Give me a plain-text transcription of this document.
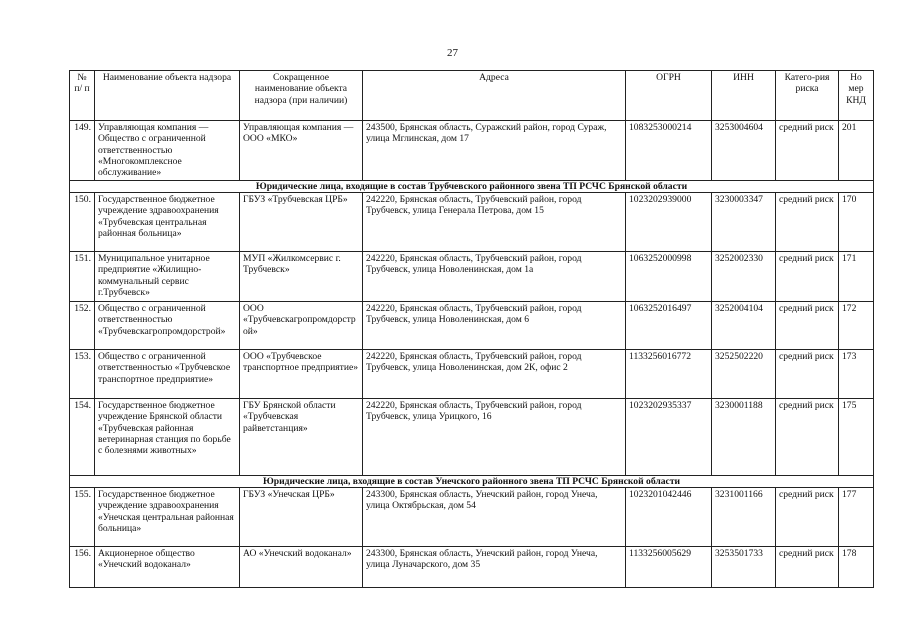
27
№ п/ п	Наименование объекта надзора	Сокращенное наименование объекта надзора (при наличии)	Адреса	ОГРН	ИНН	Катего-рия риска	Но мер КНД
149.	Управляющая компания — Общество с ограниченной ответственностью «Многокомплексное обслуживание»	Управляющая компания — ООО «МКО»	243500, Брянская область, Суражский район, город Сураж, улица Мглинская, дом 17	1083253000214	3253004604	средний риск	201
Юридические лица, входящие в состав Трубчевского районного звена ТП РСЧС Брянской области							
150.	Государственное бюджетное учреждение здравоохранения «Трубчевская центральная районная больница»	ГБУЗ «Трубчевская ЦРБ»	242220, Брянская область, Трубчевский район, город Трубчевск, улица Генерала Петрова, дом 15	1023202939000	3230003347	средний риск	170
151.	Муниципальное унитарное предприятие «Жилищно-коммунальный сервис г.Трубчевск»	МУП «Жилкомсервис г. Трубчевск»	242220, Брянская область, Трубчевский район, город Трубчевск, улица Новоленинская, дом 1а	1063252000998	3252002330	средний риск	171
152.	Общество с ограниченной ответственностью «Трубчевскагропромдорстрой»	ООО «Трубчевскагропромдорстрой»	242220, Брянская область, Трубчевский район, город Трубчевск, улица Новоленинская, дом 6	1063252016497	3252004104	средний риск	172
153.	Общество с ограниченной ответственностью «Трубчевское транспортное предприятие»	ООО «Трубчевское транспортное предприятие»	242220, Брянская область, Трубчевский район, город Трубчевск, улица Новоленинская, дом 2К, офис 2	1133256016772	3252502220	средний риск	173
154.	Государственное бюджетное учреждение Брянской области «Трубчевская районная ветеринарная станция по борьбе с болезнями животных»	ГБУ Брянской области «Трубчевская райветстанция»	242220, Брянская область, Трубчевский район, город Трубчевск, улица Урицкого, 16	1023202935337	3230001188	средний риск	175
Юридические лица, входящие в состав Унечского районного звена ТП РСЧС Брянской области							
155.	Государственное бюджетное учреждение здравоохранения «Унечская центральная районная больница»	ГБУЗ «Унечская ЦРБ»	243300, Брянская область, Унечский район, город Унеча, улица Октябрьская, дом 54	1023201042446	3231001166	средний риск	177
156.	Акционерное общество «Унечский водоканал»	АО «Унечский водоканал»	243300, Брянская область, Унечский район, город Унеча, улица Луначарского, дом 35	1133256005629	3253501733	средний риск	178
